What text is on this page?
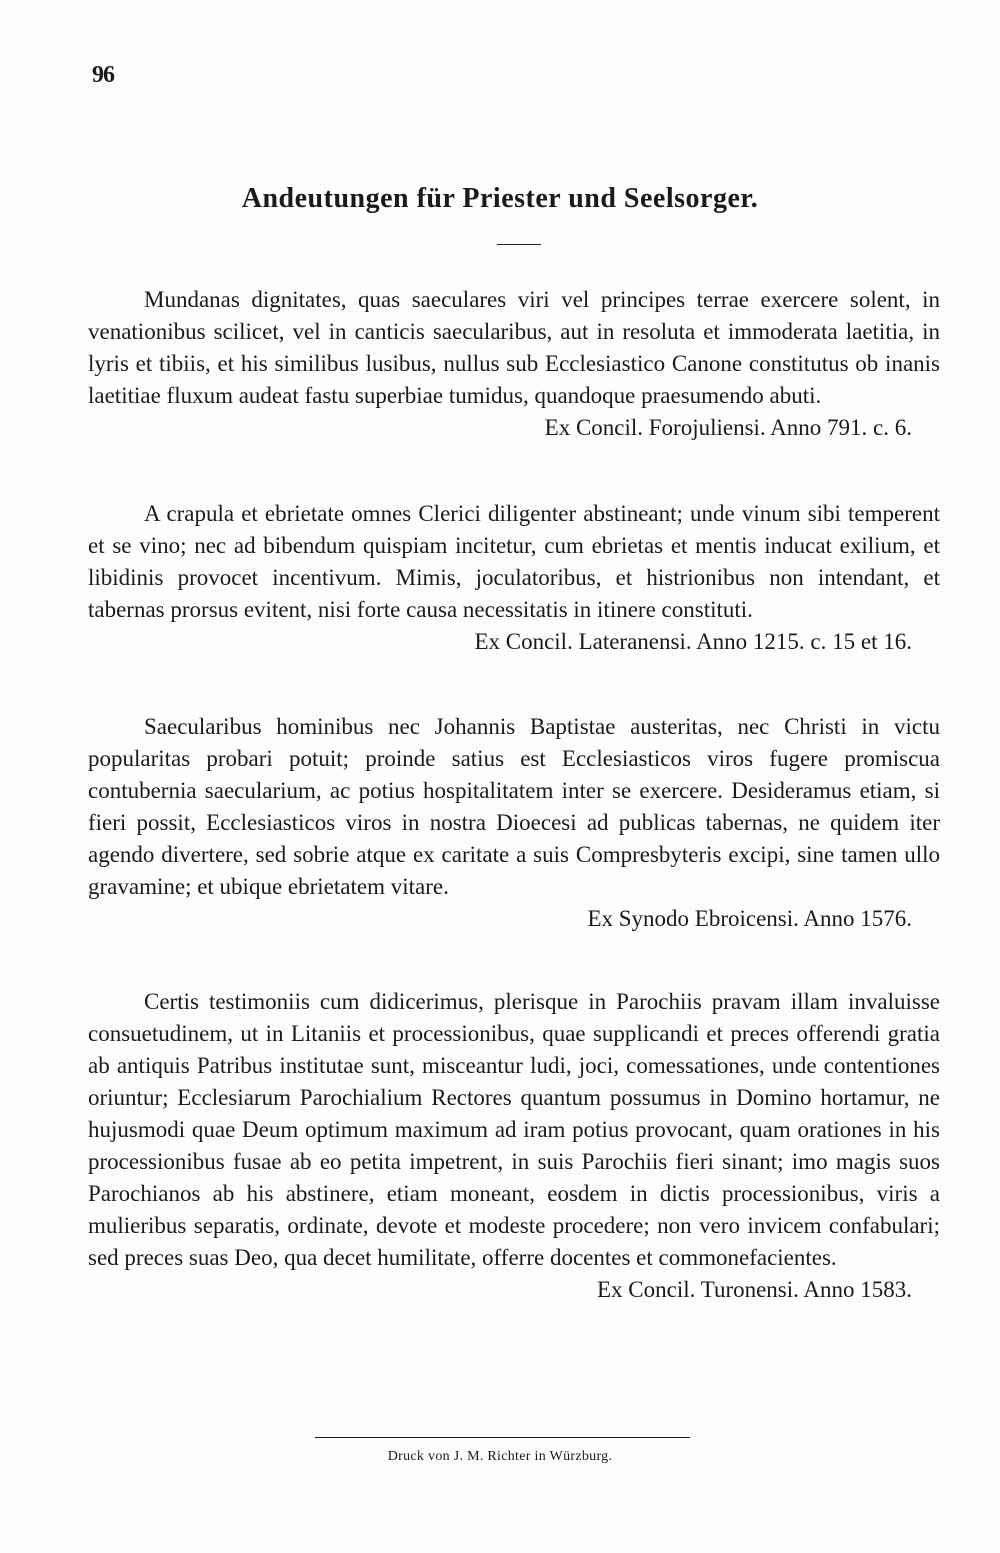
96
Andeutungen für Priester und Seelsorger.

Mundanas dignitates, quas saeculares viri vel principes terrae exercere solent, in venationibus scilicet, vel in canticis saecularibus, aut in resoluta et immoderata laetitia, in lyris et tibiis, et his similibus lusibus, nullus sub Ecclesiastico Canone constitutus ob inanis laetitiae fluxum audeat fastu superbiae tumidus, quandoque praesumendo abuti.

Ex Concil. Forojuliensi. Anno 791. c. 6.

A crapula et ebrietate omnes Clerici diligenter abstineant; unde vinum sibi temperent et se vino; nec ad bibendum quispiam incitetur, cum ebrietas et mentis inducat exilium, et libidinis provocet incentivum. Mimis, joculatoribus, et histrionibus non intendant, et tabernas prorsus evitent, nisi forte causa necessitatis in itinere constituti.

Ex Concil. Lateranensi. Anno 1215. c. 15 et 16.

Saecularibus hominibus nec Johannis Baptistae austeritas, nec Christi in victu popularitas probari potuit; proinde satius est Ecclesiasticos viros fugere promiscua contubernia saecularium, ac potius hospitalitatem inter se exercere. Desideramus etiam, si fieri possit, Ecclesiasticos viros in nostra Dioecesi ad publicas tabernas, ne quidem iter agendo divertere, sed sobrie atque ex caritate a suis Compresbyteris excipi, sine tamen ullo gravamine; et ubique ebrietatem vitare.

Ex Synodo Ebroicensi. Anno 1576.

Certis testimoniis cum didicerimus, plerisque in Parochiis pravam illam invaluisse consuetudinem, ut in Litaniis et processionibus, quae supplicandi et preces offerendi gratia ab antiquis Patribus institutae sunt, misceantur ludi, joci, comessationes, unde contentiones oriuntur; Ecclesiarum Parochialium Rectores quantum possumus in Domino hortamur, ne hujusmodi quae Deum optimum maximum ad iram potius provocant, quam orationes in his processionibus fusae ab eo petita impetrent, in suis Parochiis fieri sinant; imo magis suos Parochianos ab his abstinere, etiam moneant, eosdem in dictis processionibus, viris a mulieribus separatis, ordinate, devote et modeste procedere; non vero invicem confabulari; sed preces suas Deo, qua decet humilitate, offerre docentes et commonefacientes.

Ex Concil. Turonensi. Anno 1583.

Druck von J. M. Richter in Würzburg.
